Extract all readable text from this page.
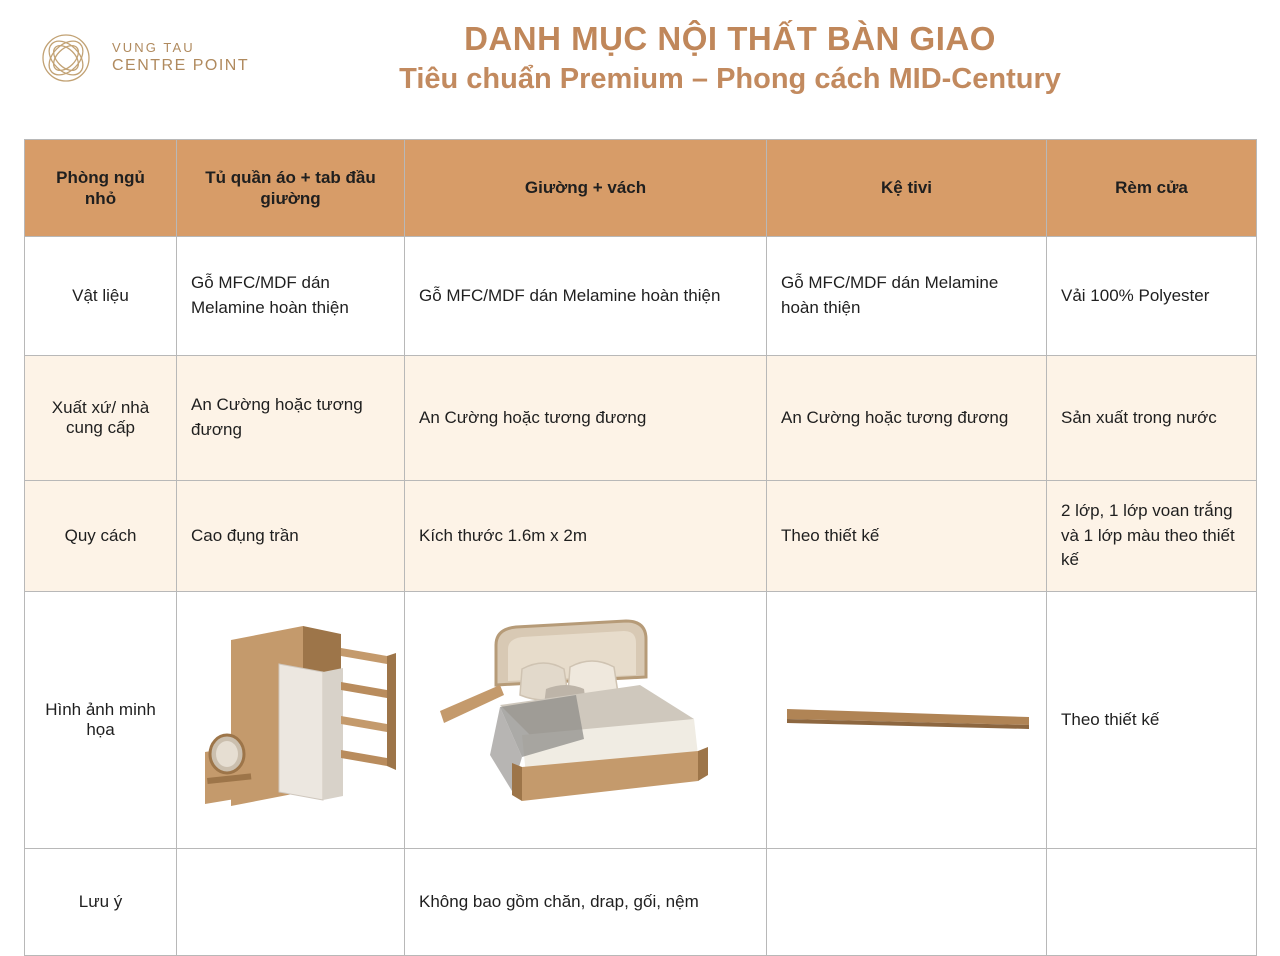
VUNG TAU
CENTRE POINT
DANH MỤC NỘI THẤT BÀN GIAO
Tiêu chuẩn Premium – Phong cách MID-Century
Phòng ngủ nhỏ	Tủ quần áo + tab đầu giường	Giường + vách	Kệ tivi	Rèm cửa
Vật liệu	Gỗ MFC/MDF dán Melamine hoàn thiện	Gỗ MFC/MDF dán Melamine hoàn thiện	Gỗ MFC/MDF dán Melamine hoàn thiện	Vải 100% Polyester
Xuất xứ/ nhà cung cấp	An Cường hoặc tương đương	An Cường hoặc tương đương	An Cường hoặc tương đương	Sản xuất trong nước
Quy cách	Cao đụng trần	Kích thước 1.6m x 2m	Theo thiết kế	2 lớp, 1 lớp voan trắng và 1 lớp màu theo thiết kế
Hình ảnh minh họa				Theo thiết kế
Lưu ý		Không bao gồm chăn, drap, gối, nệm		
